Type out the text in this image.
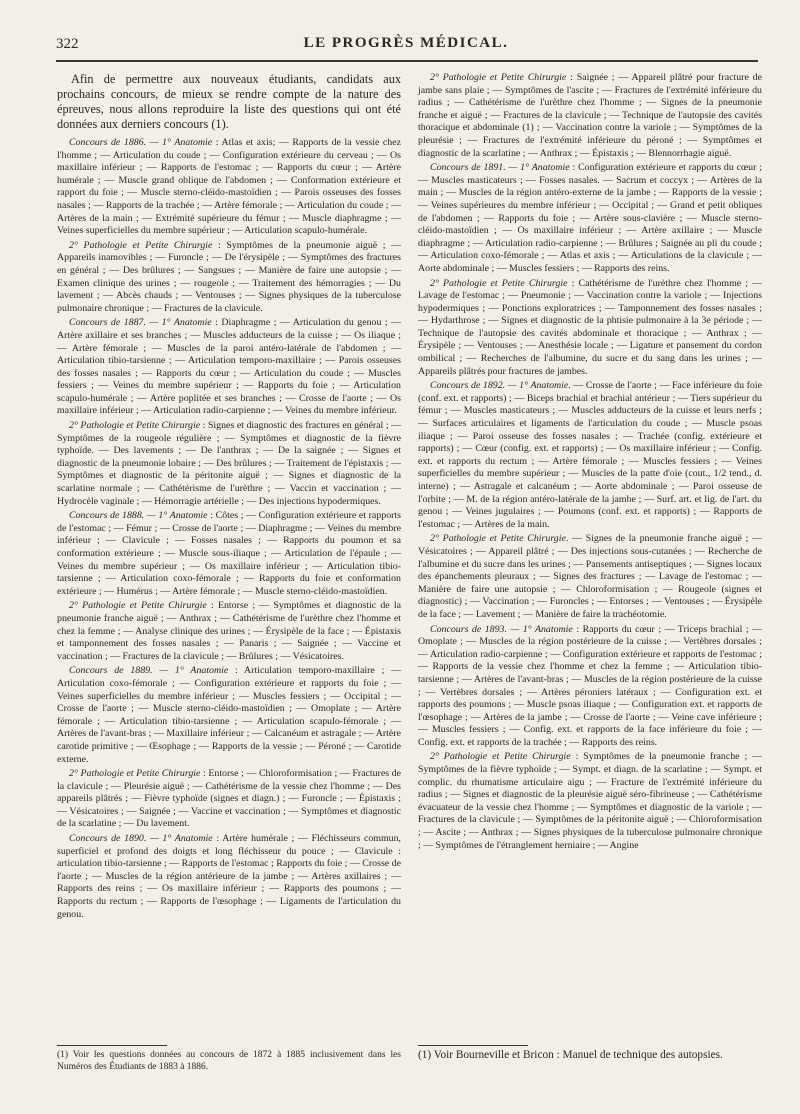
322	LE PROGRÈS MÉDICAL.

Afin de permettre aux nouveaux étudiants, candidats aux prochains concours, de mieux se rendre compte de la nature des épreuves, nous allons reproduire la liste des questions qui ont été données aux derniers concours (1).

Concours de 1886. — 1° Anatomie : Atlas et axis; — Rapports de la vessie chez l'homme ; — Articulation du coude ; — Configuration extérieure du cerveau ; — Os maxillaire inférieur ; — Rapports de l'estomac ; — Rapports du cœur ; — Artère humérale ; — Muscle grand oblique de l'abdomen ; — Conformation extérieure et rapport du foie ; — Muscle sterno-cléido-mastoïdien ; — Parois osseuses des fosses nasales ; — Rapports de la trachée ; — Artère fémorale ; — Articulation du coude ; — Artères de la main ; — Extrémité supérieure du fémur ; — Muscle diaphragme ; — Veines superficielles du membre supérieur ; — Articulation scapulo-humérale.

2° Pathologie et Petite Chirurgie : Symptômes de la pneumonie aiguë ; — Appareils inamovibles ; — Furoncle ; — De l'érysipèle ; — Symptômes des fractures en général ; — Des brûlures ; — Sangsues ; — Manière de faire une autopsie ; — Examen clinique des urines ; — rougeole ; — Traitement des hémorragies ; — Du lavement ; — Abcès chauds ; — Ventouses ; — Signes physiques de la tuberculose pulmonaire chronique ; — Fractures de la clavicule.

Concours de 1887. — 1° Anatomie : Diaphragme ; — Articulation du genou ; — Artère axillaire et ses branches ; — Muscles adducteurs de la cuisse ; — Os iliaque ; — Artère fémorale ; — Muscles de la paroi antéro-latérale de l'abdomen ; — Articulation tibio-tarsienne ; — Articulation temporo-maxillaire ; — Parois osseuses des fosses nasales ; — Rapports du cœur ; — Articulation du coude ; — Muscles fessiers ; — Veines du membre supérieur ; — Rapports du foie ; — Articulation scapulo-humérale ; — Artère poplitée et ses branches ; — Crosse de l'aorte ; — Os maxillaire inférieur ; — Articulation radio-carpienne ; — Veines du membre inférieur.

2° Pathologie et Petite Chirurgie : Signes et diagnostic des fractures en général ; — Symptômes de la rougeole régulière ; — Symptômes et diagnostic de la fièvre typhoïde. — Des lavements ; — De l'anthrax ; — De la saignée ; — Signes et diagnostic de la pneumonie lobaire ; — Des brûlures ; — Traitement de l'épistaxis ; — Symptômes et diagnostic de la péritonite aiguë ; — Signes et diagnostic de la scarlatine normale ; — Cathétérisme de l'urèthre ; — Vaccin et vaccination ; — Hydrocèle vaginale ; — Hémorragie artérielle ; — Des injections hypodermiques.

Concours de 1888. — 1° Anatomie : Côtes ; — Configuration extérieure et rapports de l'estomac ; — Fémur ; — Crosse de l'aorte ; — Diaphragme ; — Veines du membre inférieur ; — Clavicule ; — Fosses nasales ; — Rapports du poumon et sa conformation extérieure ; — Muscle sous-iliaque ; — Articulation de l'épaule ; — Veines du membre supérieur ; — Os maxillaire inférieur ; — Articulation tibio-tarsienne ; — Articulation coxo-fémorale ; — Rapports du foie et conformation extérieure ; — Humérus ; — Artère fémorale ; — Muscle sterno-cléido-mastoïdien.

2° Pathologie et Petite Chirurgie : Entorse ; — Symptômes et diagnostic de la pneumonie franche aiguë ; — Anthrax ; — Cathétérisme de l'urèthre chez l'homme et chez la femme ; — Analyse clinique des urines ; — Érysipèle de la face ; — Épistaxis et tamponnement des fosses nasales ; — Panaris ; — Saignée ; — Vaccine et vaccination ; — Fractures de la clavicule ; — Brûlures ; — Vésicatoires.

Concours de 1889. — 1° Anatomie : Articulation temporo-maxillaire ; — Articulation coxo-fémorale ; — Configuration extérieure et rapports du foie ; — Veines superficielles du membre inférieur ; — Muscles fessiers ; — Occipital ; — Crosse de l'aorte ; — Muscle sterno-cléido-mastoïdien ; — Omoplate ; — Artère fémorale ; — Articulation tibio-tarsienne ; — Articulation scapulo-fémorale ; — Artères de l'avant-bras ; — Maxillaire inférieur ; — Calcanéum et astragale ; — Artère carotide primitive ; — Œsophage ; — Rapports de la vessie ; — Péroné ; — Carotide externe.

2° Pathologie et Petite Chirurgie : Entorse ; — Chloroformisation ; — Fractures de la clavicule ; — Pleurésie aiguë ; — Cathétérisme de la vessie chez l'homme ; — Des appareils plâtrés ; — Fièvre typhoïde (signes et diagn.) ; — Furoncle ; — Épistaxis ; — Vésicatoires ; — Saignée ; — Vaccine et vaccination ; — Symptômes et diagnostic de la scarlatine ; — Du lavement.

Concours de 1890. — 1° Anatomie : Artère humérale ; — Fléchisseurs commun, superficiel et profond des doigts et long fléchisseur du pouce ; — Clavicule : articulation tibio-tarsienne ; — Rapports de l'estomac ; Rapports du foie ; — Crosse de l'aorte ; — Muscles de la région antérieure de la jambe ; — Artères axillaires ; — Rapports des reins ; — Os maxillaire inférieur ; — Rapports des poumons ; — Rapports du rectum ; — Rapports de l'œsophage ; — Ligaments de l'articulation du genou.

2° Pathologie et Petite Chirurgie : Saignée ; — Appareil plâtré pour fracture de jambe sans plaie ; — Symptômes de l'ascite ; — Fractures de l'extrémité inférieure du radius ; — Cathétérisme de l'urèthre chez l'homme ; — Signes de la pneumonie franche et aiguë ; — Fractures de la clavicule ; — Technique de l'autopsie des cavités thoracique et abdominale (1) ; — Vaccination contre la variole ; — Symptômes de la pleurésie ; — Fractures de l'extrémité inférieure du péroné ; — Symptômes et diagnostic de la scarlatine ; — Anthrax ; — Épistaxis ; — Blennorrhagie aiguë.

Concours de 1891. — 1° Anatomie : Configuration extérieure et rapports du cœur ; — Muscles masticateurs ; — Fosses nasales. — Sacrum et coccyx ; — Artères de la main ; — Muscles de la région antéro-externe de la jambe ; — Rapports de la vessie ; — Veines supérieures du membre inférieur ; — Occipital ; — Grand et petit obliques de l'abdomen ; — Rapports du foie ; — Artère sous-clavière ; — Muscle sterno-cléido-mastoïdien ; — Os maxillaire inférieur ; — Artère axillaire ; — Muscle diaphragme ; — Articulation radio-carpienne ; — Brûlures ; Saignée au pli du coude ; — Articulation coxo-fémorale ; — Atlas et axis ; — Articulations de la clavicule ; — Aorte abdominale ; — Muscles fessiers ; — Rapports des reins.

2° Pathologie et Petite Chirurgie : Cathétérisme de l'urèthre chez l'homme ; — Lavage de l'estomac ; — Pneumonie ; — Vaccination contre la variole ; — Injections hypodermiques ; — Ponctions exploratrices ; — Tamponnement des fosses nasales ; — Hydarthrose ; — Signes et diagnostic de la phtisie pulmonaire à la 3e période ; — Technique de l'autopsie des cavités abdominale et thoracique ; — Anthrax ; — Érysipèle ; — Ventouses ; — Anesthésie locale ; — Ligature et pansement du cordon ombilical ; — Recherches de l'albumine, du sucre et du sang dans les urines ; — Appareils plâtrés pour fractures de jambes.

Concours de 1892. — 1° Anatomie. — Crosse de l'aorte ; — Face inférieure du foie (conf. ext. et rapports) ; — Biceps brachial et brachial antérieur ; — Tiers supérieur du fémur ; — Muscles masticateurs ; — Muscles adducteurs de la cuisse et leurs nerfs ; — Surfaces articulaires et ligaments de l'articulation du coude ; — Muscle psoas iliaque ; — Paroi osseuse des fosses nasales ; — Trachée (config. extérieure et rapports) ; — Cœur (config. ext. et rapports) ; — Os maxillaire inférieur ; — Config. ext. et rapports du rectum ; — Artère fémorale ; — Muscles fessiers ; — Veines superficielles du membre supérieur ; — Muscles de la patte d'oie (cout., 1/2 tend., d. interne) ; — Astragale et calcanéum ; — Aorte abdominale ; — Paroi osseuse de l'orbite ; — M. de la région antéro-latérale de la jambe ; — Surf. art. et lig. de l'art. du genou ; — Veines jugulaires ; — Poumons (conf. ext. et rapports) ; — Rapports de l'estomac ; — Artères de la main.

2° Pathologie et Petite Chirurgie. — Signes de la pneumonie franche aiguë ; — Vésicatoires ; — Appareil plâtré ; — Des injections sous-cutanées ; — Recherche de l'albumine et du sucre dans les urines ; — Pansements antiseptiques ; — Signes locaux des épanchements pleuraux ; — Signes des fractures ; — Lavage de l'estomac ; — Manière de faire une autopsie ; — Chloroformisation ; — Rougeole (signes et diagnostic) ; — Vaccination ; — Furoncles ; — Entorses ; — Ventouses ; — Érysipèle de la face ; — Lavement ; — Manière de faire la trachéotomie.

Concours de 1893. — 1° Anatomie : Rapports du cœur ; — Triceps brachial ; — Omoplate ; — Muscles de la région postérieure de la cuisse ; — Vertèbres dorsales ; — Articulation radio-carpienne ; — Configuration extérieure et rapports de l'estomac ; — Rapports de la vessie chez l'homme et chez la femme ; — Articulation tibio-tarsienne ; — Artères de l'avant-bras ; — Muscles de la région postérieure de la cuisse ; — Vertèbres dorsales ; — Artères péroniers latéraux ; — Configuration ext. et rapports des poumons ; — Muscle psoas iliaque ; — Configuration ext. et rapports de l'œsophage ; — Artères de la jambe ; — Crosse de l'aorte ; — Veine cave inférieure ; — Muscles fessiers ; — Config. ext. et rapports de la face inférieure du foie ; — Config. ext. et rapports de la trachée ; — Rapports des reins.

2° Pathologie et Petite Chirurgie : Symptômes de la pneumonie franche ; — Symptômes de la fièvre typhoïde ; — Sympt. et diagn. de la scarlatine ; — Sympt. et complic. du rhumatisme articulaire aigu ; — Fracture de l'extrémité inférieure du radius ; — Signes et diagnostic de la pleurésie aiguë séro-fibrineuse ; — Cathétérisme évacuateur de la vessie chez l'homme ; — Symptômes et diagnostic de la variole ; — Fractures de la clavicule ; — Symptômes de la péritonite aiguë ; — Chloroformisation ; — Ascite ; — Anthrax ; — Signes physiques de la tuberculose pulmonaire chronique ; — Symptômes de l'étranglement herniaire ; — Angine

(1) Voir les questions données au concours de 1872 à 1885 inclusivement dans les Numéros des Étudiants de 1883 à 1886.
(1) Voir Bourneville et Bricon : Manuel de technique des autopsies.
